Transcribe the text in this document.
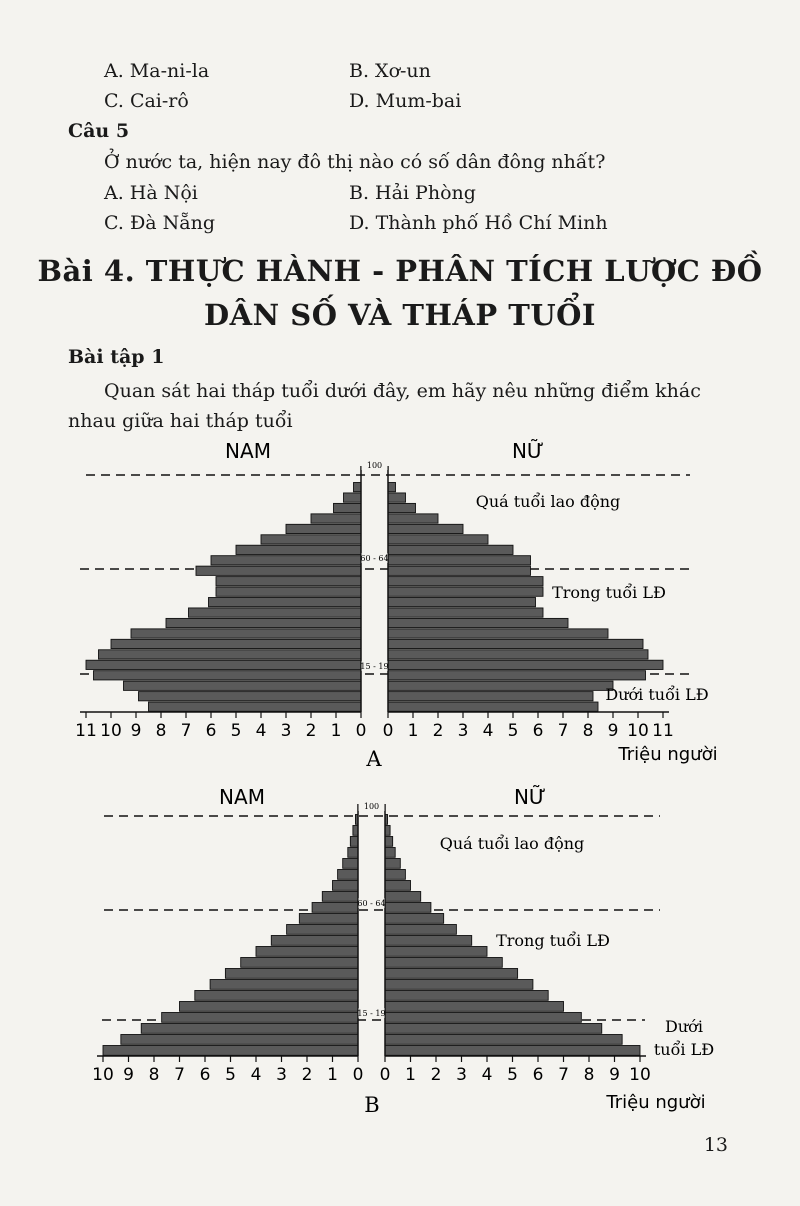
A. Ma-ni-la	B. Xơ-un
C. Cai-rô	D. Mum-bai
Câu 5
Ở nước ta, hiện nay đô thị nào có số dân đông nhất?
A. Hà Nội	B. Hải Phòng
C. Đà Nẵng	D. Thành phố Hồ Chí Minh
Bài 4. THỰC HÀNH - PHÂN TÍCH LƯỢC ĐỒ
DÂN SỐ VÀ THÁP TUỔI
Bài tập 1
Quan sát hai tháp tuổi dưới đây, em hãy nêu những điểm khác nhau giữa hai tháp tuổi
11 10 9 8 7 6 5 4 3 2 1 0 0 1 2 3 4 5 6 7 8 9 10 11
NAM	NỮ
100
60 - 64
15 - 19
Quá tuổi lao động
Trong tuổi LĐ
Dưới tuổi LĐ
Triệu người
A
10 9 8 7 6 5 4 3 2 1 0 0 1 2 3 4 5 6 7 8 9 10
NAM	NỮ
100
60 - 64
15 - 19
Quá tuổi lao động
Trong tuổi LĐ
Dưới
tuổi LĐ
Triệu người
B
13
